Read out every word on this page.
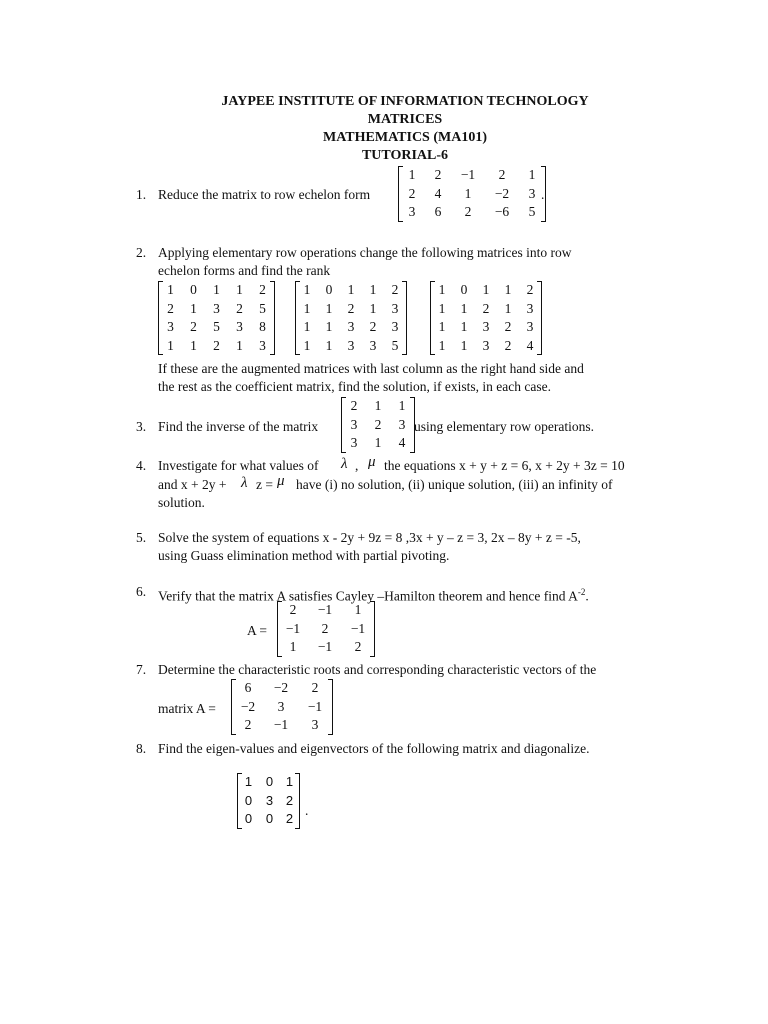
JAYPEE INSTITUTE OF INFORMATION TECHNOLOGY
MATRICES
MATHEMATICS (MA101)
TUTORIAL-6
1. Reduce the matrix to row echelon form
1	2	−1	2	1
2	4	1	−2	3
3	6	2	−6	5
.
2. Applying elementary row operations change the following matrices into row
echelon forms and find the rank
1	0	1	1	2
2	1	3	2	5
3	2	5	3	8
1	1	2	1	3
1	0	1	1	2
1	1	2	1	3
1	1	3	2	3
1	1	3	3	5
1	0	1	1	2
1	1	2	1	3
1	1	3	2	3
1	1	3	2	4
If these are the augmented matrices with last column as the right hand side and
the rest as the coefficient matrix, find the solution, if exists, in each case.
3. Find the inverse of the matrix
2	1	1
3	2	3
3	1	4
using elementary row operations.
4. Investigate for what values of λ , μ the equations x + y + z = 6, x + 2y + 3z = 10
and x + 2y + λ z = μ have (i) no solution, (ii) unique solution, (iii) an infinity of
solution.
5. Solve the system of equations x - 2y + 9z = 8 ,3x + y – z = 3, 2x – 8y + z = -5,
using Guass elimination method with partial pivoting.
6. Verify that the matrix A satisfies Cayley –Hamilton theorem and hence find $A^{-2}$.
A =
2	−1	1
−1	2	−1
1	−1	2
7. Determine the characteristic roots and corresponding characteristic vectors of the
matrix A =
6	−2	2
−2	3	−1
2	−1	3
8. Find the eigen-values and eigenvectors of the following matrix and diagonalize.
1	0	1
0	3	2
0	0	2
.
